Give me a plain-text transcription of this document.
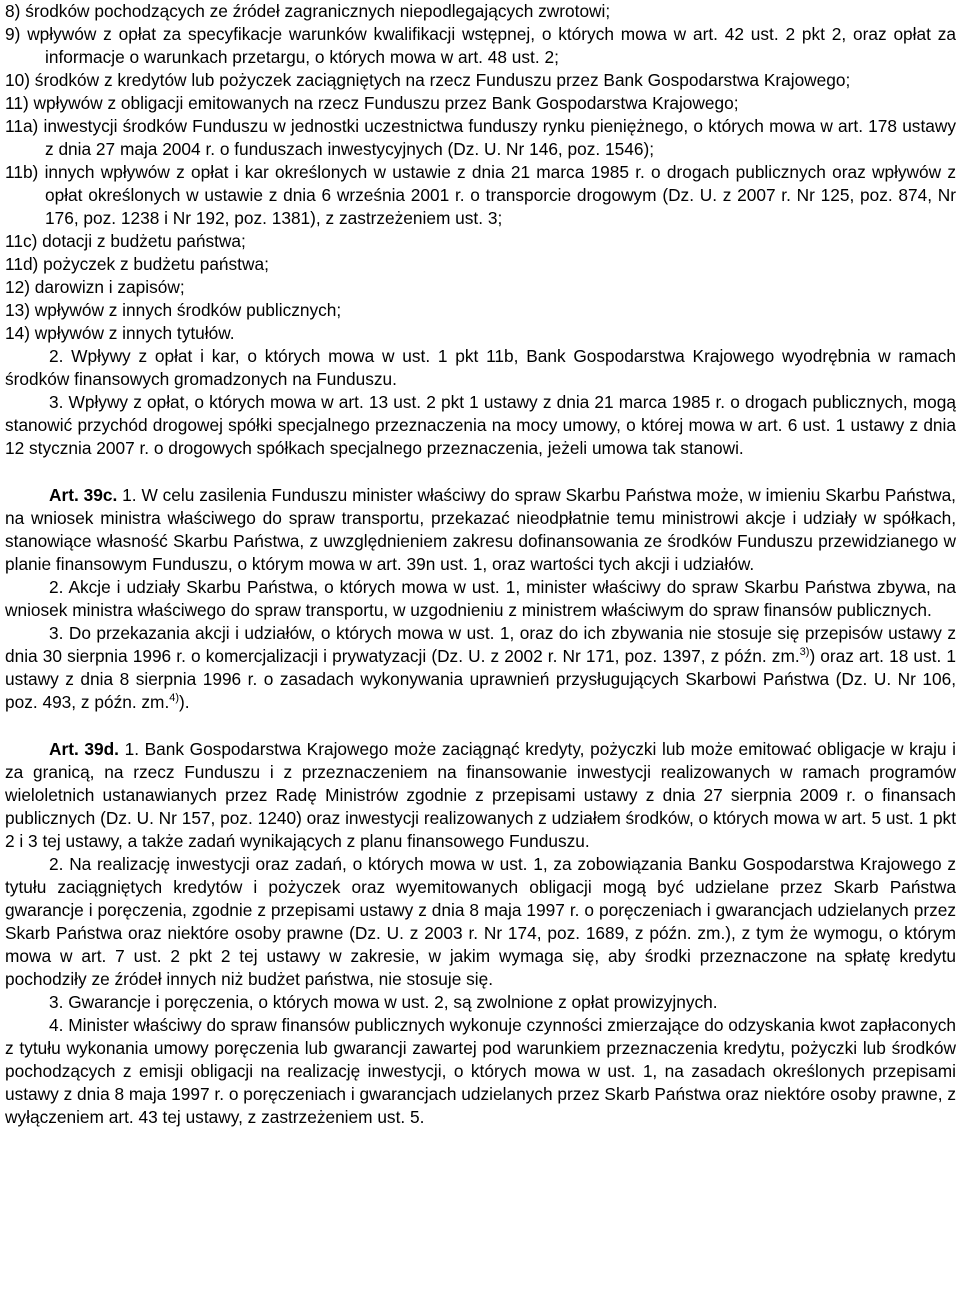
8) środków pochodzących ze źródeł zagranicznych niepodlegających zwrotowi;

9) wpływów z opłat za specyfikacje warunków kwalifikacji wstępnej, o których mowa w art. 42 ust. 2 pkt 2, oraz opłat za informacje o warunkach przetargu, o których mowa w art. 48 ust. 2;

10) środków z kredytów lub pożyczek zaciągniętych na rzecz Funduszu przez Bank Gospodarstwa Krajowego;

11) wpływów z obligacji emitowanych na rzecz Funduszu przez Bank Gospodarstwa Krajowego;

11a) inwestycji środków Funduszu w jednostki uczestnictwa funduszy rynku pieniężnego, o których mowa w art. 178 ustawy z dnia 27 maja 2004 r. o funduszach inwestycyjnych (Dz. U. Nr 146, poz. 1546);

11b) innych wpływów z opłat i kar określonych w ustawie z dnia 21 marca 1985 r. o drogach publicznych oraz wpływów z opłat określonych w ustawie z dnia 6 września 2001 r. o transporcie drogowym (Dz. U. z 2007 r. Nr 125, poz. 874, Nr 176, poz. 1238 i Nr 192, poz. 1381), z zastrzeżeniem ust. 3;

11c) dotacji z budżetu państwa;

11d) pożyczek z budżetu państwa;

12) darowizn i zapisów;

13) wpływów z innych środków publicznych;

14) wpływów z innych tytułów.

2. Wpływy z opłat i kar, o których mowa w ust. 1 pkt 11b, Bank Gospodarstwa Krajowego wyodrębnia w ramach środków finansowych gromadzonych na Funduszu.

3. Wpływy z opłat, o których mowa w art. 13 ust. 2 pkt 1 ustawy z dnia 21 marca 1985 r. o drogach publicznych, mogą stanowić przychód drogowej spółki specjalnego przeznaczenia na mocy umowy, o której mowa w art. 6 ust. 1 ustawy z dnia 12 stycznia 2007 r. o drogowych spółkach specjalnego przeznaczenia, jeżeli umowa tak stanowi.

Art. 39c. 1. W celu zasilenia Funduszu minister właściwy do spraw Skarbu Państwa może, w imieniu Skarbu Państwa, na wniosek ministra właściwego do spraw transportu, przekazać nieodpłatnie temu ministrowi akcje i udziały w spółkach, stanowiące własność Skarbu Państwa, z uwzględnieniem zakresu dofinansowania ze środków Funduszu przewidzianego w planie finansowym Funduszu, o którym mowa w art. 39n ust. 1, oraz wartości tych akcji i udziałów.

2. Akcje i udziały Skarbu Państwa, o których mowa w ust. 1, minister właściwy do spraw Skarbu Państwa zbywa, na wniosek ministra właściwego do spraw transportu, w uzgodnieniu z ministrem właściwym do spraw finansów publicznych.

3. Do przekazania akcji i udziałów, o których mowa w ust. 1, oraz do ich zbywania nie stosuje się przepisów ustawy z dnia 30 sierpnia 1996 r. o komercjalizacji i prywatyzacji (Dz. U. z 2002 r. Nr 171, poz. 1397, z późn. zm.$^{3)}$) oraz art. 18 ust. 1 ustawy z dnia 8 sierpnia 1996 r. o zasadach wykonywania uprawnień przysługujących Skarbowi Państwa (Dz. U. Nr 106, poz. 493, z późn. zm.$^{4)}$).

Art. 39d. 1. Bank Gospodarstwa Krajowego może zaciągnąć kredyty, pożyczki lub może emitować obligacje w kraju i za granicą, na rzecz Funduszu i z przeznaczeniem na finansowanie inwestycji realizowanych w ramach programów wieloletnich ustanawianych przez Radę Ministrów zgodnie z przepisami ustawy z dnia 27 sierpnia 2009 r. o finansach publicznych (Dz. U. Nr 157, poz. 1240) oraz inwestycji realizowanych z udziałem środków, o których mowa w art. 5 ust. 1 pkt 2 i 3 tej ustawy, a także zadań wynikających z planu finansowego Funduszu.

2. Na realizację inwestycji oraz zadań, o których mowa w ust. 1, za zobowiązania Banku Gospodarstwa Krajowego z tytułu zaciągniętych kredytów i pożyczek oraz wyemitowanych obligacji mogą być udzielane przez Skarb Państwa gwarancje i poręczenia, zgodnie z przepisami ustawy z dnia 8 maja 1997 r. o poręczeniach i gwarancjach udzielanych przez Skarb Państwa oraz niektóre osoby prawne (Dz. U. z 2003 r. Nr 174, poz. 1689, z późn. zm.), z tym że wymogu, o którym mowa w art. 7 ust. 2 pkt 2 tej ustawy w zakresie, w jakim wymaga się, aby środki przeznaczone na spłatę kredytu pochodziły ze źródeł innych niż budżet państwa, nie stosuje się.

3. Gwarancje i poręczenia, o których mowa w ust. 2, są zwolnione z opłat prowizyjnych.

4. Minister właściwy do spraw finansów publicznych wykonuje czynności zmierzające do odzyskania kwot zapłaconych z tytułu wykonania umowy poręczenia lub gwarancji zawartej pod warunkiem przeznaczenia kredytu, pożyczki lub środków pochodzących z emisji obligacji na realizację inwestycji, o których mowa w ust. 1, na zasadach określonych przepisami ustawy z dnia 8 maja 1997 r. o poręczeniach i gwarancjach udzielanych przez Skarb Państwa oraz niektóre osoby prawne, z wyłączeniem art. 43 tej ustawy, z zastrzeżeniem ust. 5.
